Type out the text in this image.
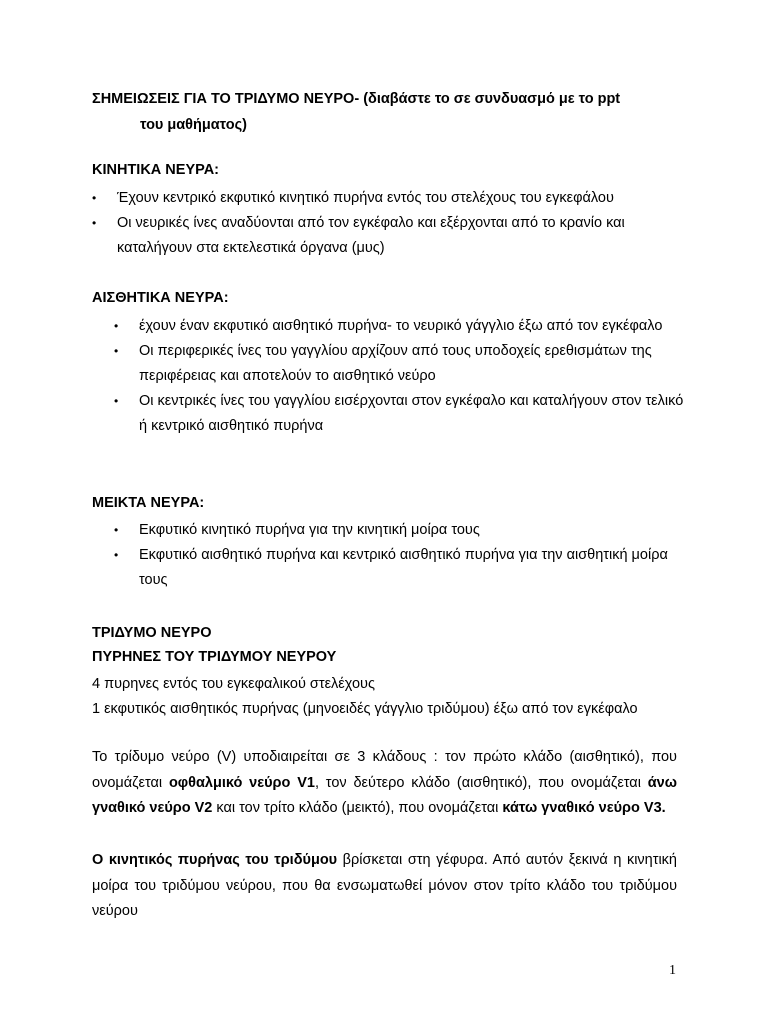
ΣΗΜΕΙΩΣΕΙΣ ΓΙΑ ΤΟ ΤΡΙΔΥΜΟ ΝΕΥΡΟ- (διαβάστε το σε συνδυασμό με το ppt
του μαθήματος)
ΚΙΝΗΤΙΚΑ ΝΕΥΡΑ:
• Έχουν κεντρικό εκφυτικό κινητικό πυρήνα εντός του στελέχους του εγκεφάλου
• Οι νευρικές ίνες αναδύονται από τον εγκέφαλο και εξέρχονται από το κρανίο και καταλήγουν στα εκτελεστικά όργανα (μυς)
ΑΙΣΘΗΤΙΚΑ ΝΕΥΡΑ:
• έχουν έναν εκφυτικό αισθητικό πυρήνα- το νευρικό γάγγλιο έξω από τον εγκέφαλο
• Οι περιφερικές ίνες του γαγγλίου αρχίζουν από τους υποδοχείς ερεθισμάτων της περιφέρειας και αποτελούν το αισθητικό νεύρο
• Οι κεντρικές ίνες του γαγγλίου εισέρχονται στον εγκέφαλο και καταλήγουν στον τελικό ή κεντρικό αισθητικό πυρήνα
ΜΕΙΚΤΑ ΝΕΥΡΑ:
• Εκφυτικό κινητικό πυρήνα για την κινητική μοίρα τους
• Εκφυτικό αισθητικό πυρήνα και κεντρικό αισθητικό πυρήνα για την αισθητική μοίρα τους
ΤΡΙΔΥΜΟ ΝΕΥΡΟ
ΠΥΡΗΝΕΣ ΤΟΥ ΤΡΙΔΥΜΟΥ ΝΕΥΡΟΥ
4 πυρηνες εντός του εγκεφαλικού στελέχους
1 εκφυτικός αισθητικός πυρήνας (μηνοειδές γάγγλιο τριδύμου) έξω από τον εγκέφαλο
Το τρίδυμο νεύρο (V) υποδιαιρείται σε 3 κλάδους : τον πρώτο κλάδο (αισθητικό), που ονομάζεται οφθαλμικό νεύρο V1, τον δεύτερο κλάδο (αισθητικό), που ονομάζεται άνω γναθικό νεύρο V2 και τον τρίτο κλάδο (μεικτό), που ονομάζεται κάτω γναθικό νεύρο V3.
Ο κινητικός πυρήνας του τριδύμου βρίσκεται στη γέφυρα. Από αυτόν ξεκινά η κινητική μοίρα του τριδύμου νεύρου, που θα ενσωματωθεί μόνον στον τρίτο κλάδο του τριδύμου νεύρου
1
